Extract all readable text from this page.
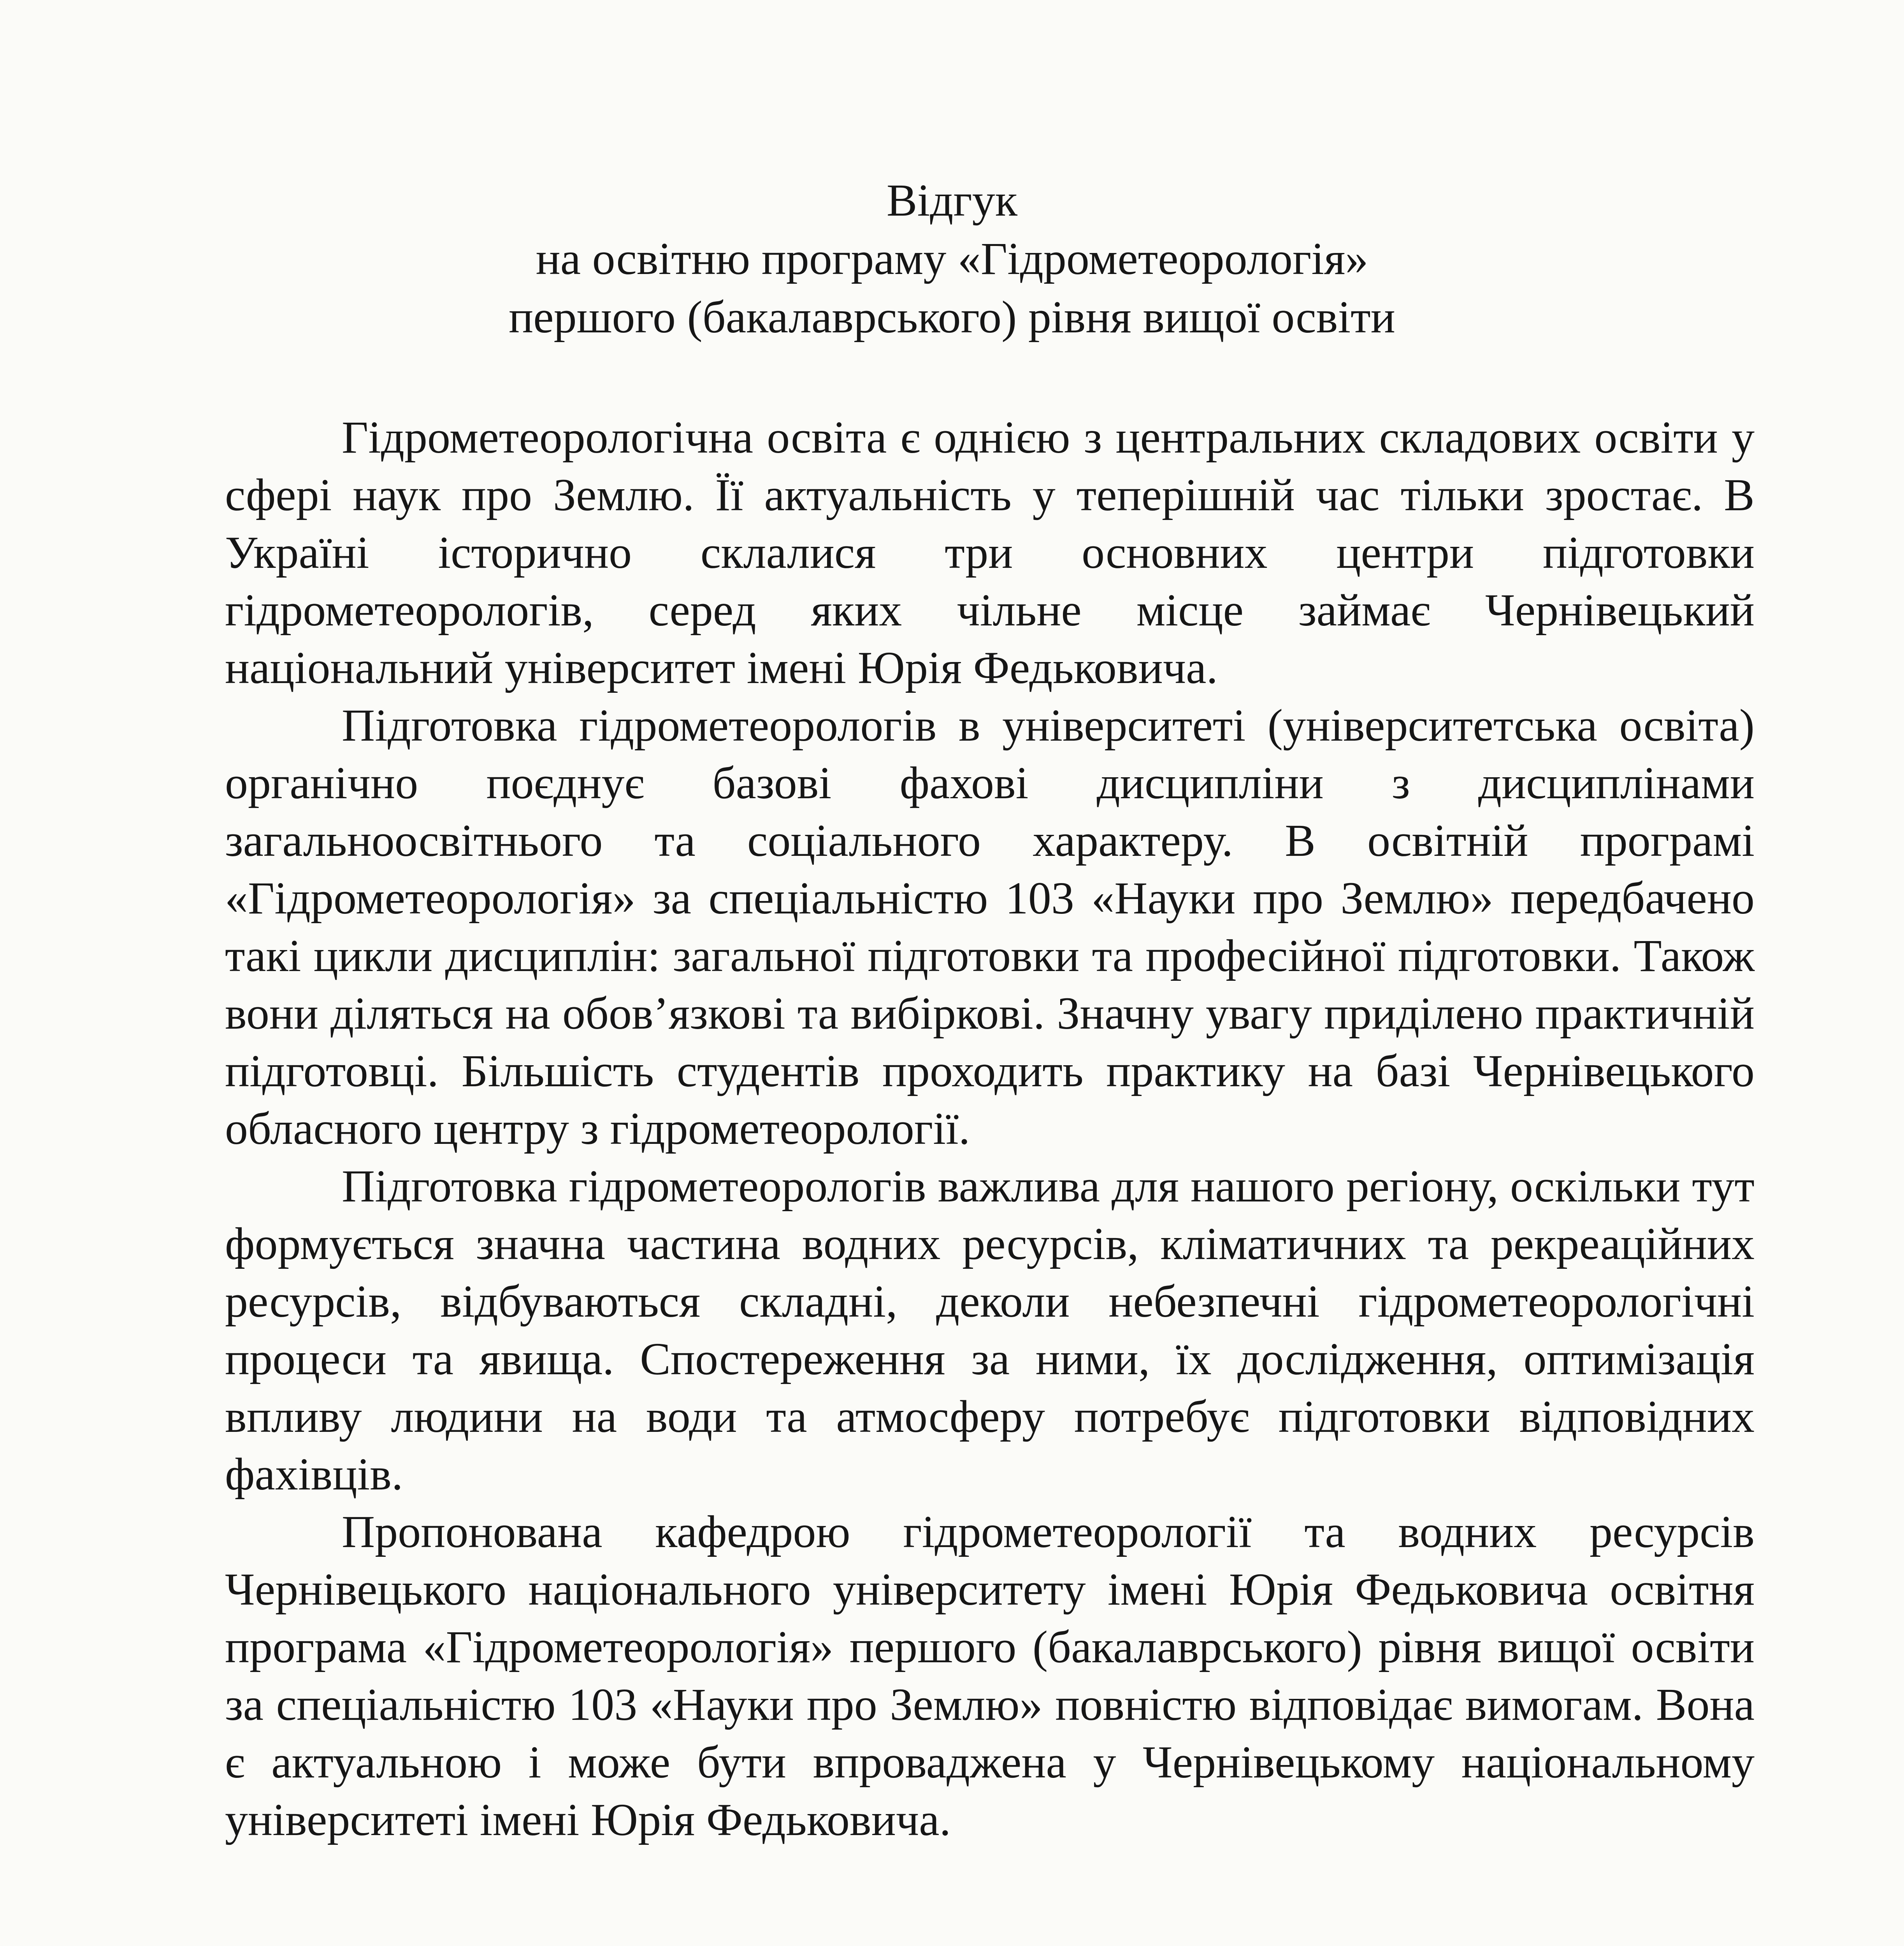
Відгук
на освітню програму «Гідрометеорологія»
першого (бакалаврського) рівня вищої освіти

Гідрометеорологічна освіта є однією з центральних складових освіти у сфері наук про Землю. Її актуальність у теперішній час тільки зростає. В Україні історично склалися три основних центри підготовки гідрометеорологів, серед яких чільне місце займає Чернівецький національний університет імені Юрія Федьковича.

Підготовка гідрометеорологів в університеті (університетська освіта) органічно поєднує базові фахові дисципліни з дисциплінами загальноосвітнього та соціального характеру. В освітній програмі «Гідрометеорологія» за спеціальністю 103 «Науки про Землю» передбачено такі цикли дисциплін: загальної підготовки та професійної підготовки. Також вони діляться на обов’язкові та вибіркові. Значну увагу приділено практичній підготовці. Більшість студентів проходить практику на базі Чернівецького обласного центру з гідрометеорології.

Підготовка гідрометеорологів важлива для нашого регіону, оскільки тут формується значна частина водних ресурсів, кліматичних та рекреаційних ресурсів, відбуваються складні, деколи небезпечні гідрометеорологічні процеси та явища. Спостереження за ними, їх дослідження, оптимізація впливу людини на води та атмосферу потребує підготовки відповідних фахівців.

Пропонована кафедрою гідрометеорології та водних ресурсів Чернівецького національного університету імені Юрія Федьковича освітня програма «Гідрометеорологія» першого (бакалаврського) рівня вищої освіти за спеціальністю 103 «Науки про Землю» повністю відповідає вимогам. Вона є актуальною і може бути впроваджена у Чернівецькому національному університеті імені Юрія Федьковича.
